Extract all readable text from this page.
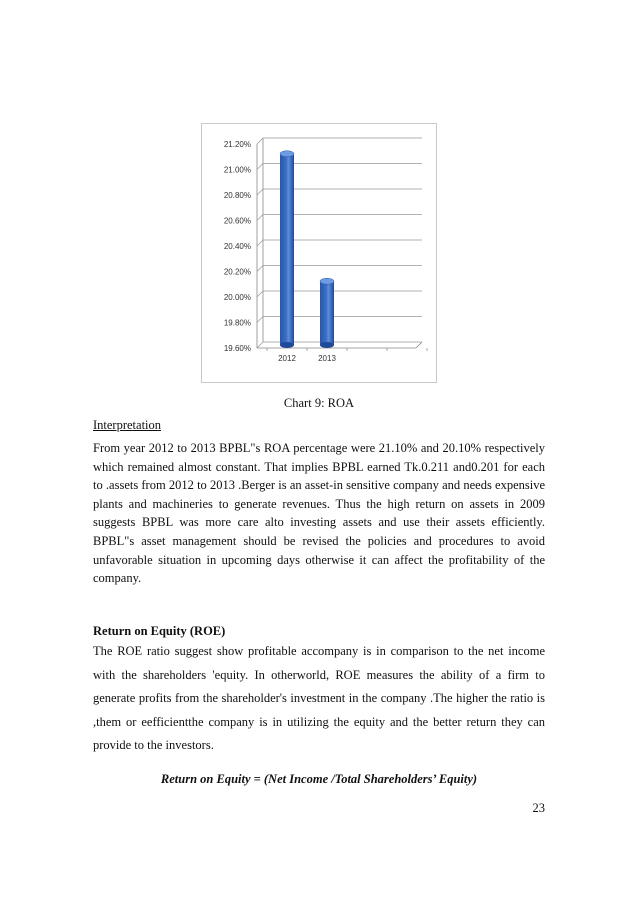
21.20%
21.00%
20.80%
20.60%
20.40%
20.20%
20.00%
19.80%
19.60%
2012	2013
Chart 9: ROA
Interpretation
From year 2012 to 2013 BPBL"s ROA percentage were 21.10% and 20.10% respectively which remained almost constant. That implies BPBL earned Tk.0.211 and0.201 for each to .assets from 2012 to 2013 .Berger is an asset-in sensitive company and needs expensive plants and machineries to generate revenues. Thus the high return on assets in 2009 suggests BPBL was more care alto investing assets and use their assets efficiently. BPBL"s asset management should be revised the policies and procedures to avoid unfavorable situation in upcoming days otherwise it can affect the profitability of the company.
Return on Equity (ROE)
The ROE ratio suggest show profitable accompany is in comparison to the net income with the shareholders 'equity. In otherworld, ROE measures the ability of a firm to generate profits from the shareholder's investment in the company .The higher the ratio is ,them or eefficientthe company is in utilizing the equity and the better return they can provide to the investors.
Return on Equity = (Net Income /Total Shareholders’ Equity)
23
